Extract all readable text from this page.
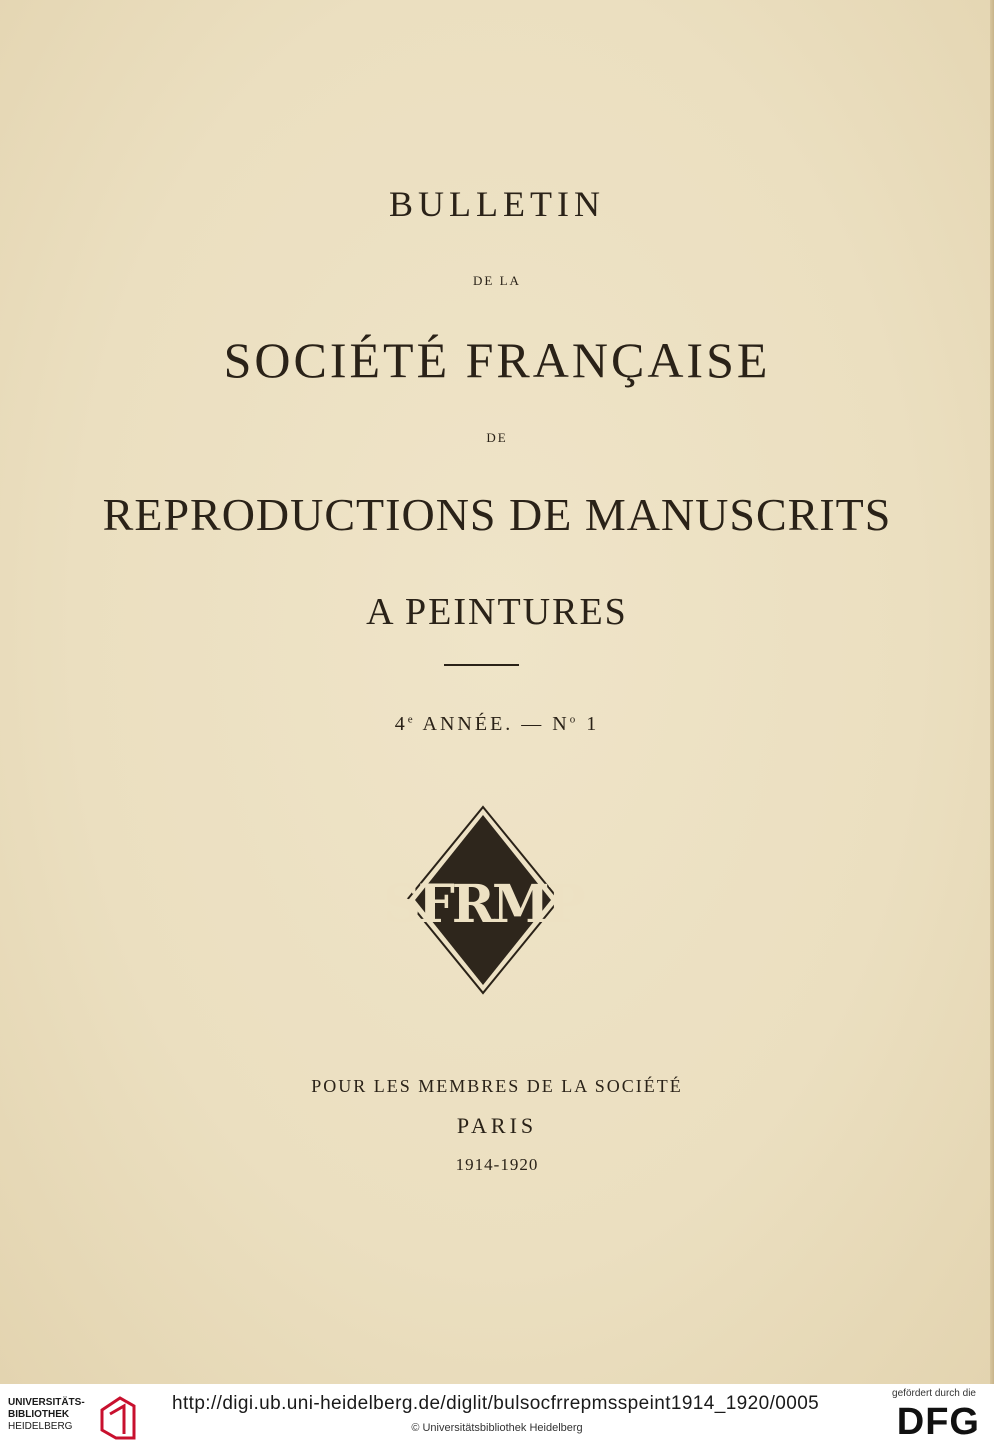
BULLETIN
DE LA
SOCIÉTÉ FRANÇAISE
DE
REPRODUCTIONS DE MANUSCRITS
A PEINTURES
4e ANNÉE. — $N^o$ 1
SFRMP
POUR LES MEMBRES DE LA SOCIÉTÉ
PARIS
1914-1920
UNIVERSITÄTS-
BIBLIOTHEK
HEIDELBERG
http://digi.ub.uni-heidelberg.de/diglit/bulsocfrrepmsspeint1914_1920/0005
© Universitätsbibliothek Heidelberg
gefördert durch die
DFG
